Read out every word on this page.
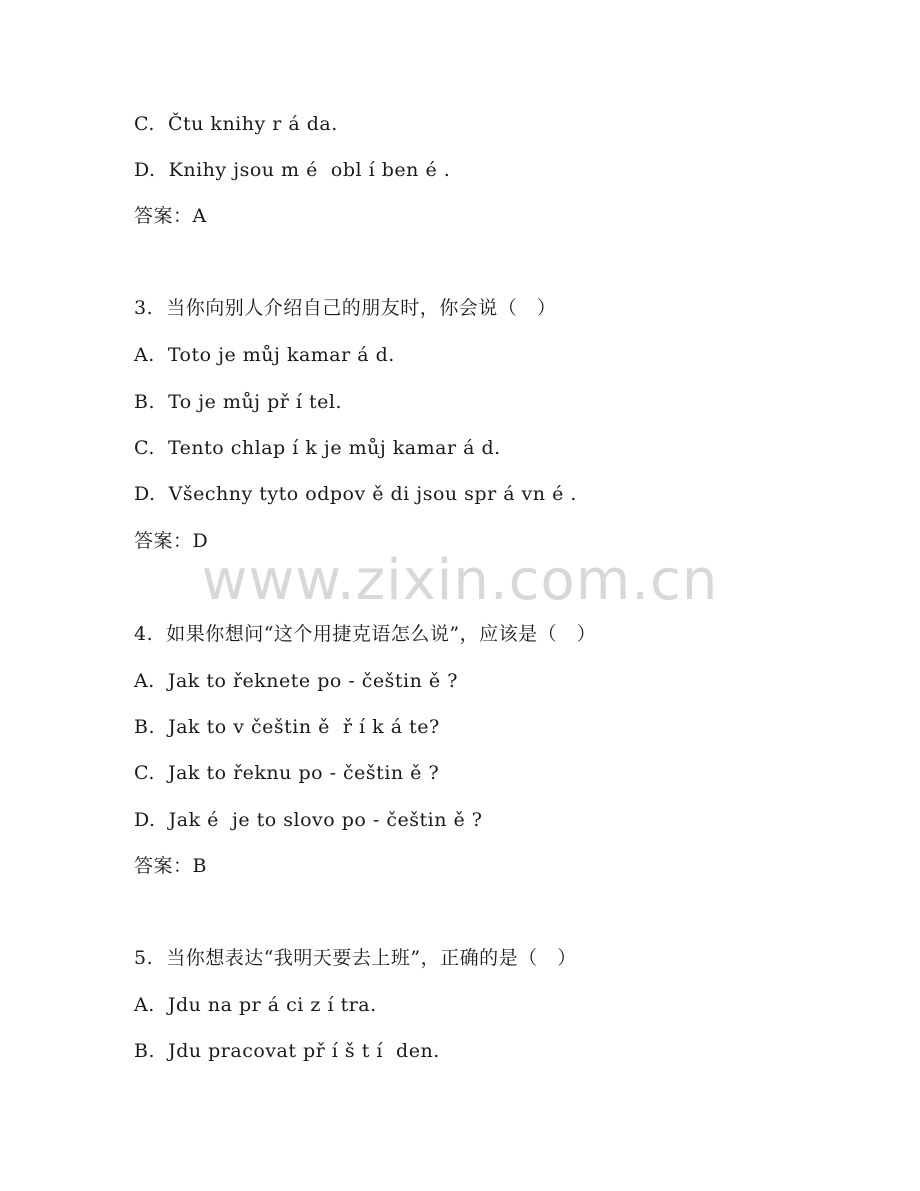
www.zixin.com.cn
C.  Čtu knihy r á da.
D.  Knihy jsou m é  obl í ben é .
答案：A
3.  当你向别人介绍自己的朋友时，你会说（   ）
A.  Toto je můj kamar á d.
B.  To je můj př í tel.
C.  Tento chlap í k je můj kamar á d.
D.  Všechny tyto odpov ě di jsou spr á vn é .
答案：D
4.  如果你想问“这个用捷克语怎么说”，应该是（   ）
A.  Jak to řeknete po - češtin ě ?
B.  Jak to v češtin ě  ř í k á te?
C.  Jak to řeknu po - češtin ě ?
D.  Jak é  je to slovo po - češtin ě ?
答案：B
5.  当你想表达“我明天要去上班”，正确的是（   ）
A.  Jdu na pr á ci z í tra.
B.  Jdu pracovat př í š t í  den.
